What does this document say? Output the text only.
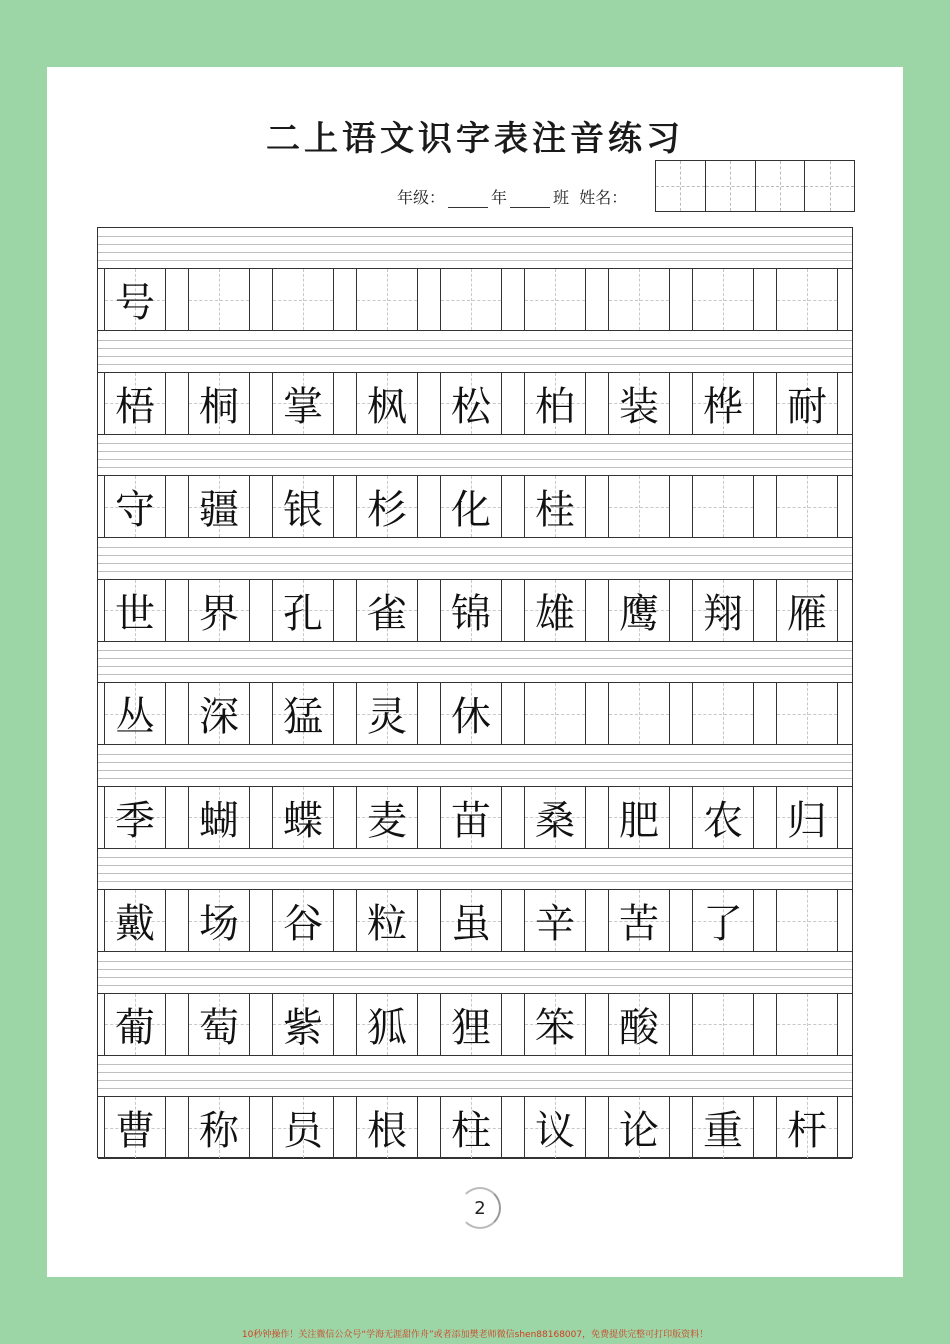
二上语文识字表注音练习
年级：	年	班 姓名：
号
梧 桐 掌 枫 松 柏 装 桦 耐
守 疆 银 杉 化 桂
世 界 孔 雀 锦 雄 鹰 翔 雁
丛 深 猛 灵 休
季 蝴 蝶 麦 苗 桑 肥 农 归
戴 场 谷 粒 虽 辛 苦 了
葡 萄 紫 狐 狸 笨 酸
曹 称 员 根 柱 议 论 重 杆
2
10秒钟操作！关注微信公众号“学海无涯甜作舟”或者添加樊老师微信shen88168007，免费提供完整可打印版资料！
